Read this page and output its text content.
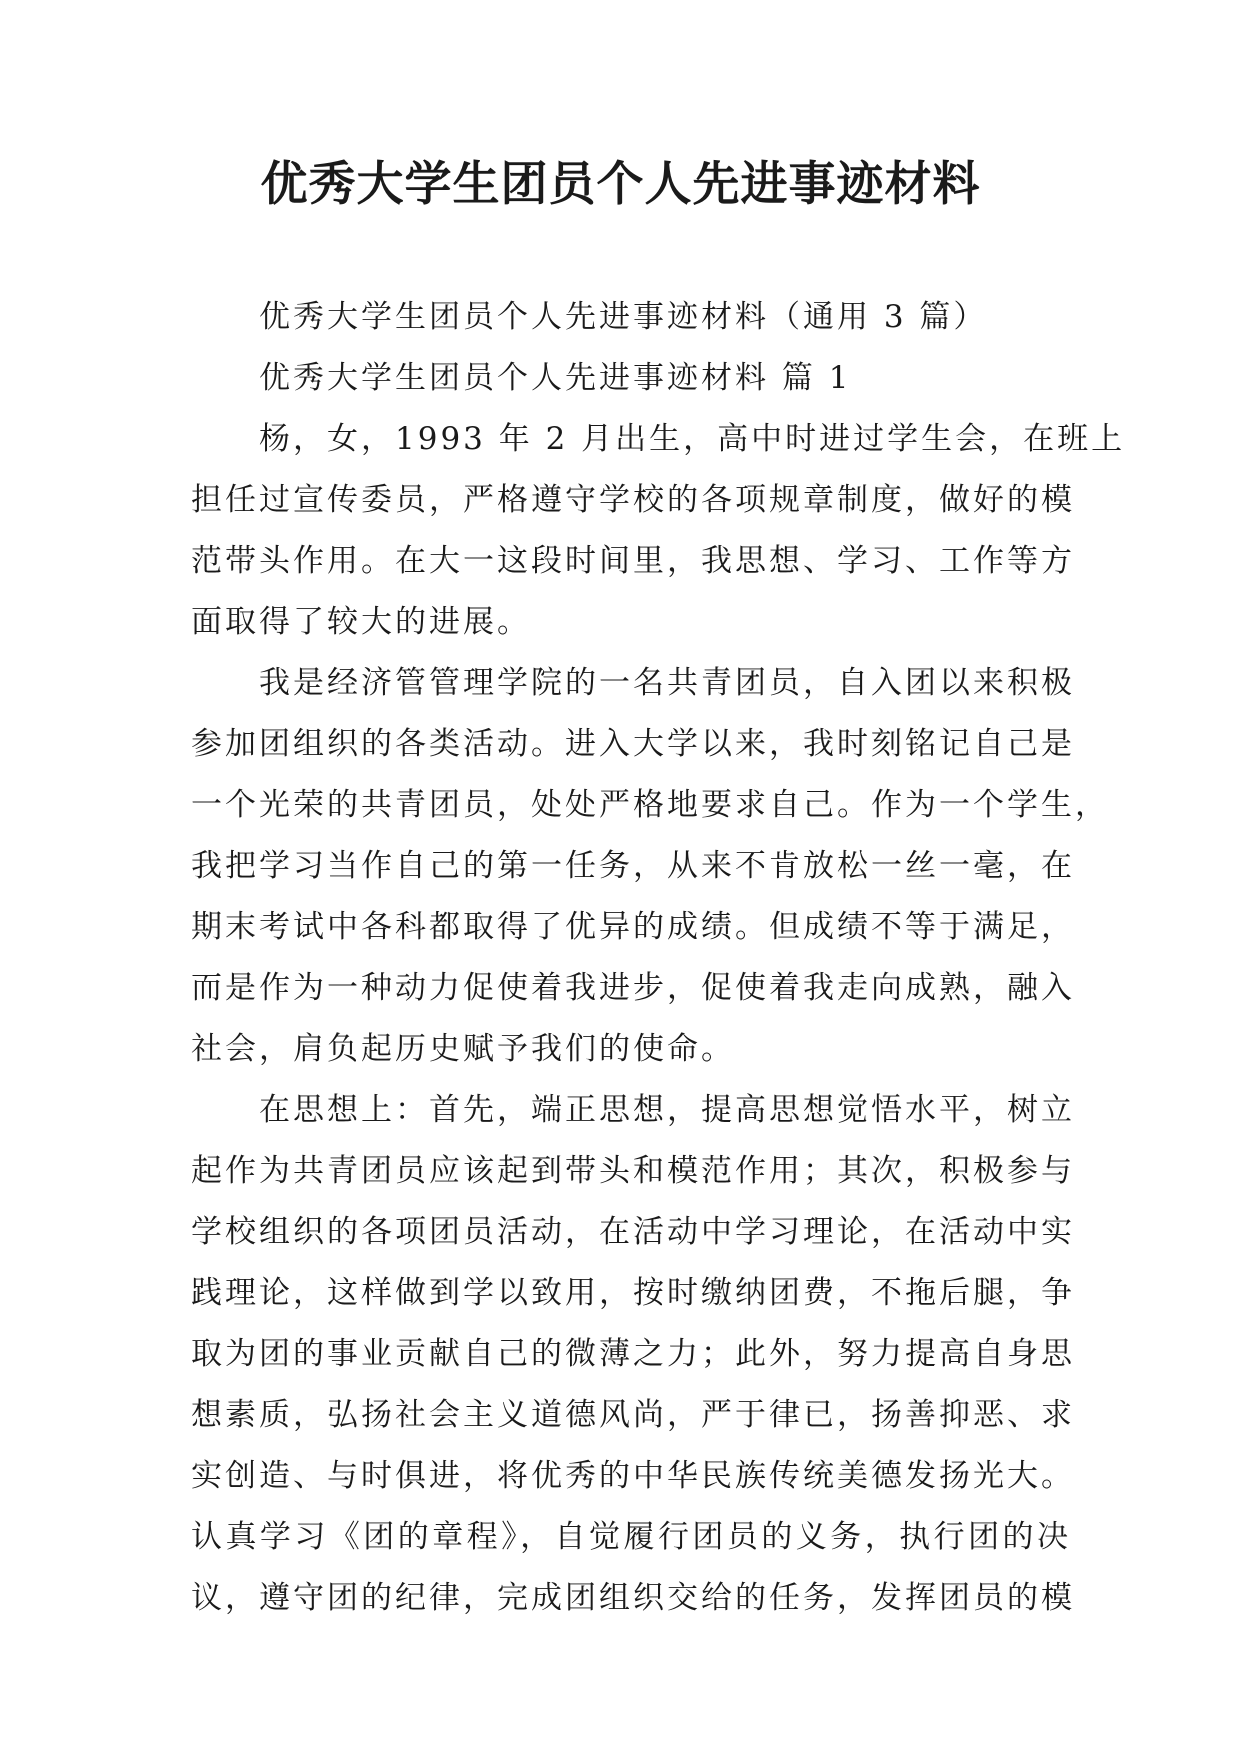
优秀大学生团员个人先进事迹材料
优秀大学生团员个人先进事迹材料（通用 3 篇）
优秀大学生团员个人先进事迹材料 篇 1
杨，女，1993 年 2 月出生，高中时进过学生会，在班上
担任过宣传委员，严格遵守学校的各项规章制度，做好的模
范带头作用。在大一这段时间里，我思想、学习、工作等方
面取得了较大的进展。
我是经济管管理学院的一名共青团员，自入团以来积极
参加团组织的各类活动。进入大学以来，我时刻铭记自己是
一个光荣的共青团员，处处严格地要求自己。作为一个学生，
我把学习当作自己的第一任务，从来不肯放松一丝一毫，在
期末考试中各科都取得了优异的成绩。但成绩不等于满足，
而是作为一种动力促使着我进步，促使着我走向成熟，融入
社会，肩负起历史赋予我们的使命。
在思想上：首先，端正思想，提高思想觉悟水平，树立
起作为共青团员应该起到带头和模范作用；其次，积极参与
学校组织的各项团员活动，在活动中学习理论，在活动中实
践理论，这样做到学以致用，按时缴纳团费，不拖后腿，争
取为团的事业贡献自己的微薄之力；此外，努力提高自身思
想素质，弘扬社会主义道德风尚，严于律已，扬善抑恶、求
实创造、与时俱进，将优秀的中华民族传统美德发扬光大。
认真学习《团的章程》，自觉履行团员的义务，执行团的决
议，遵守团的纪律，完成团组织交给的任务，发挥团员的模
